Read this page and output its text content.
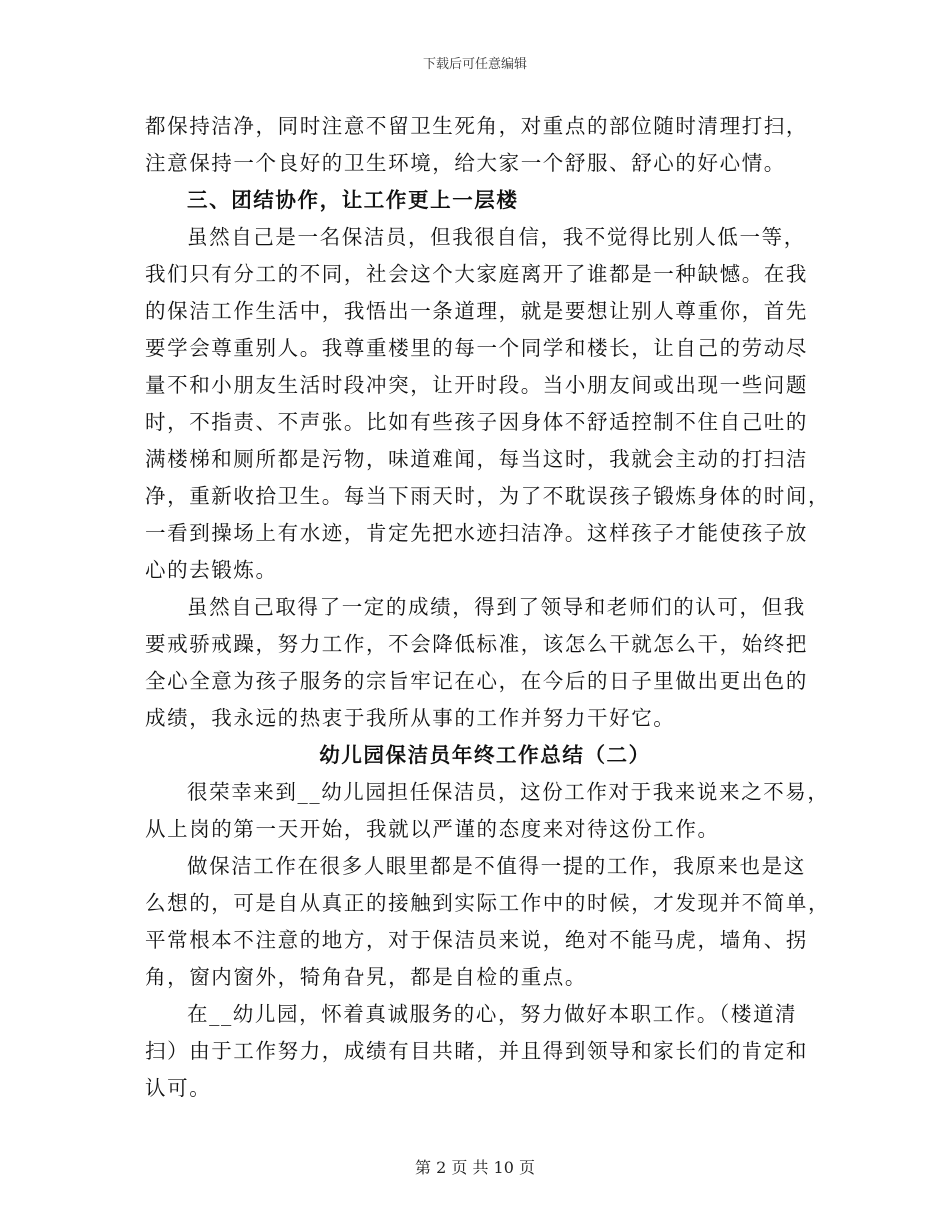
下载后可任意编辑
都保持洁净，同时注意不留卫生死角，对重点的部位随时清理打扫，
注意保持一个良好的卫生环境，给大家一个舒服、舒心的好心情。
三、团结协作，让工作更上一层楼
虽然自己是一名保洁员，但我很自信，我不觉得比别人低一等，
我们只有分工的不同，社会这个大家庭离开了谁都是一种缺憾。在我
的保洁工作生活中，我悟出一条道理，就是要想让别人尊重你，首先
要学会尊重别人。我尊重楼里的每一个同学和楼长，让自己的劳动尽
量不和小朋友生活时段冲突，让开时段。当小朋友间或出现一些问题
时，不指责、不声张。比如有些孩子因身体不舒适控制不住自己吐的
满楼梯和厕所都是污物，味道难闻，每当这时，我就会主动的打扫洁
净，重新收拾卫生。每当下雨天时，为了不耽误孩子锻炼身体的时间，
一看到操场上有水迹，肯定先把水迹扫洁净。这样孩子才能使孩子放
心的去锻炼。
虽然自己取得了一定的成绩，得到了领导和老师们的认可，但我
要戒骄戒躁，努力工作，不会降低标准，该怎么干就怎么干，始终把
全心全意为孩子服务的宗旨牢记在心，在今后的日子里做出更出色的
成绩，我永远的热衷于我所从事的工作并努力干好它。
幼儿园保洁员年终工作总结（二）
很荣幸来到__幼儿园担任保洁员，这份工作对于我来说来之不易，
从上岗的第一天开始，我就以严谨的态度来对待这份工作。
做保洁工作在很多人眼里都是不值得一提的工作，我原来也是这
么想的，可是自从真正的接触到实际工作中的时候，才发现并不简单，
平常根本不注意的地方，对于保洁员来说，绝对不能马虎，墙角、拐
角，窗内窗外，犄角旮旯，都是自检的重点。
在__幼儿园，怀着真诚服务的心，努力做好本职工作。（楼道清
扫）由于工作努力，成绩有目共睹，并且得到领导和家长们的肯定和
认可。
第 2 页 共 10 页
